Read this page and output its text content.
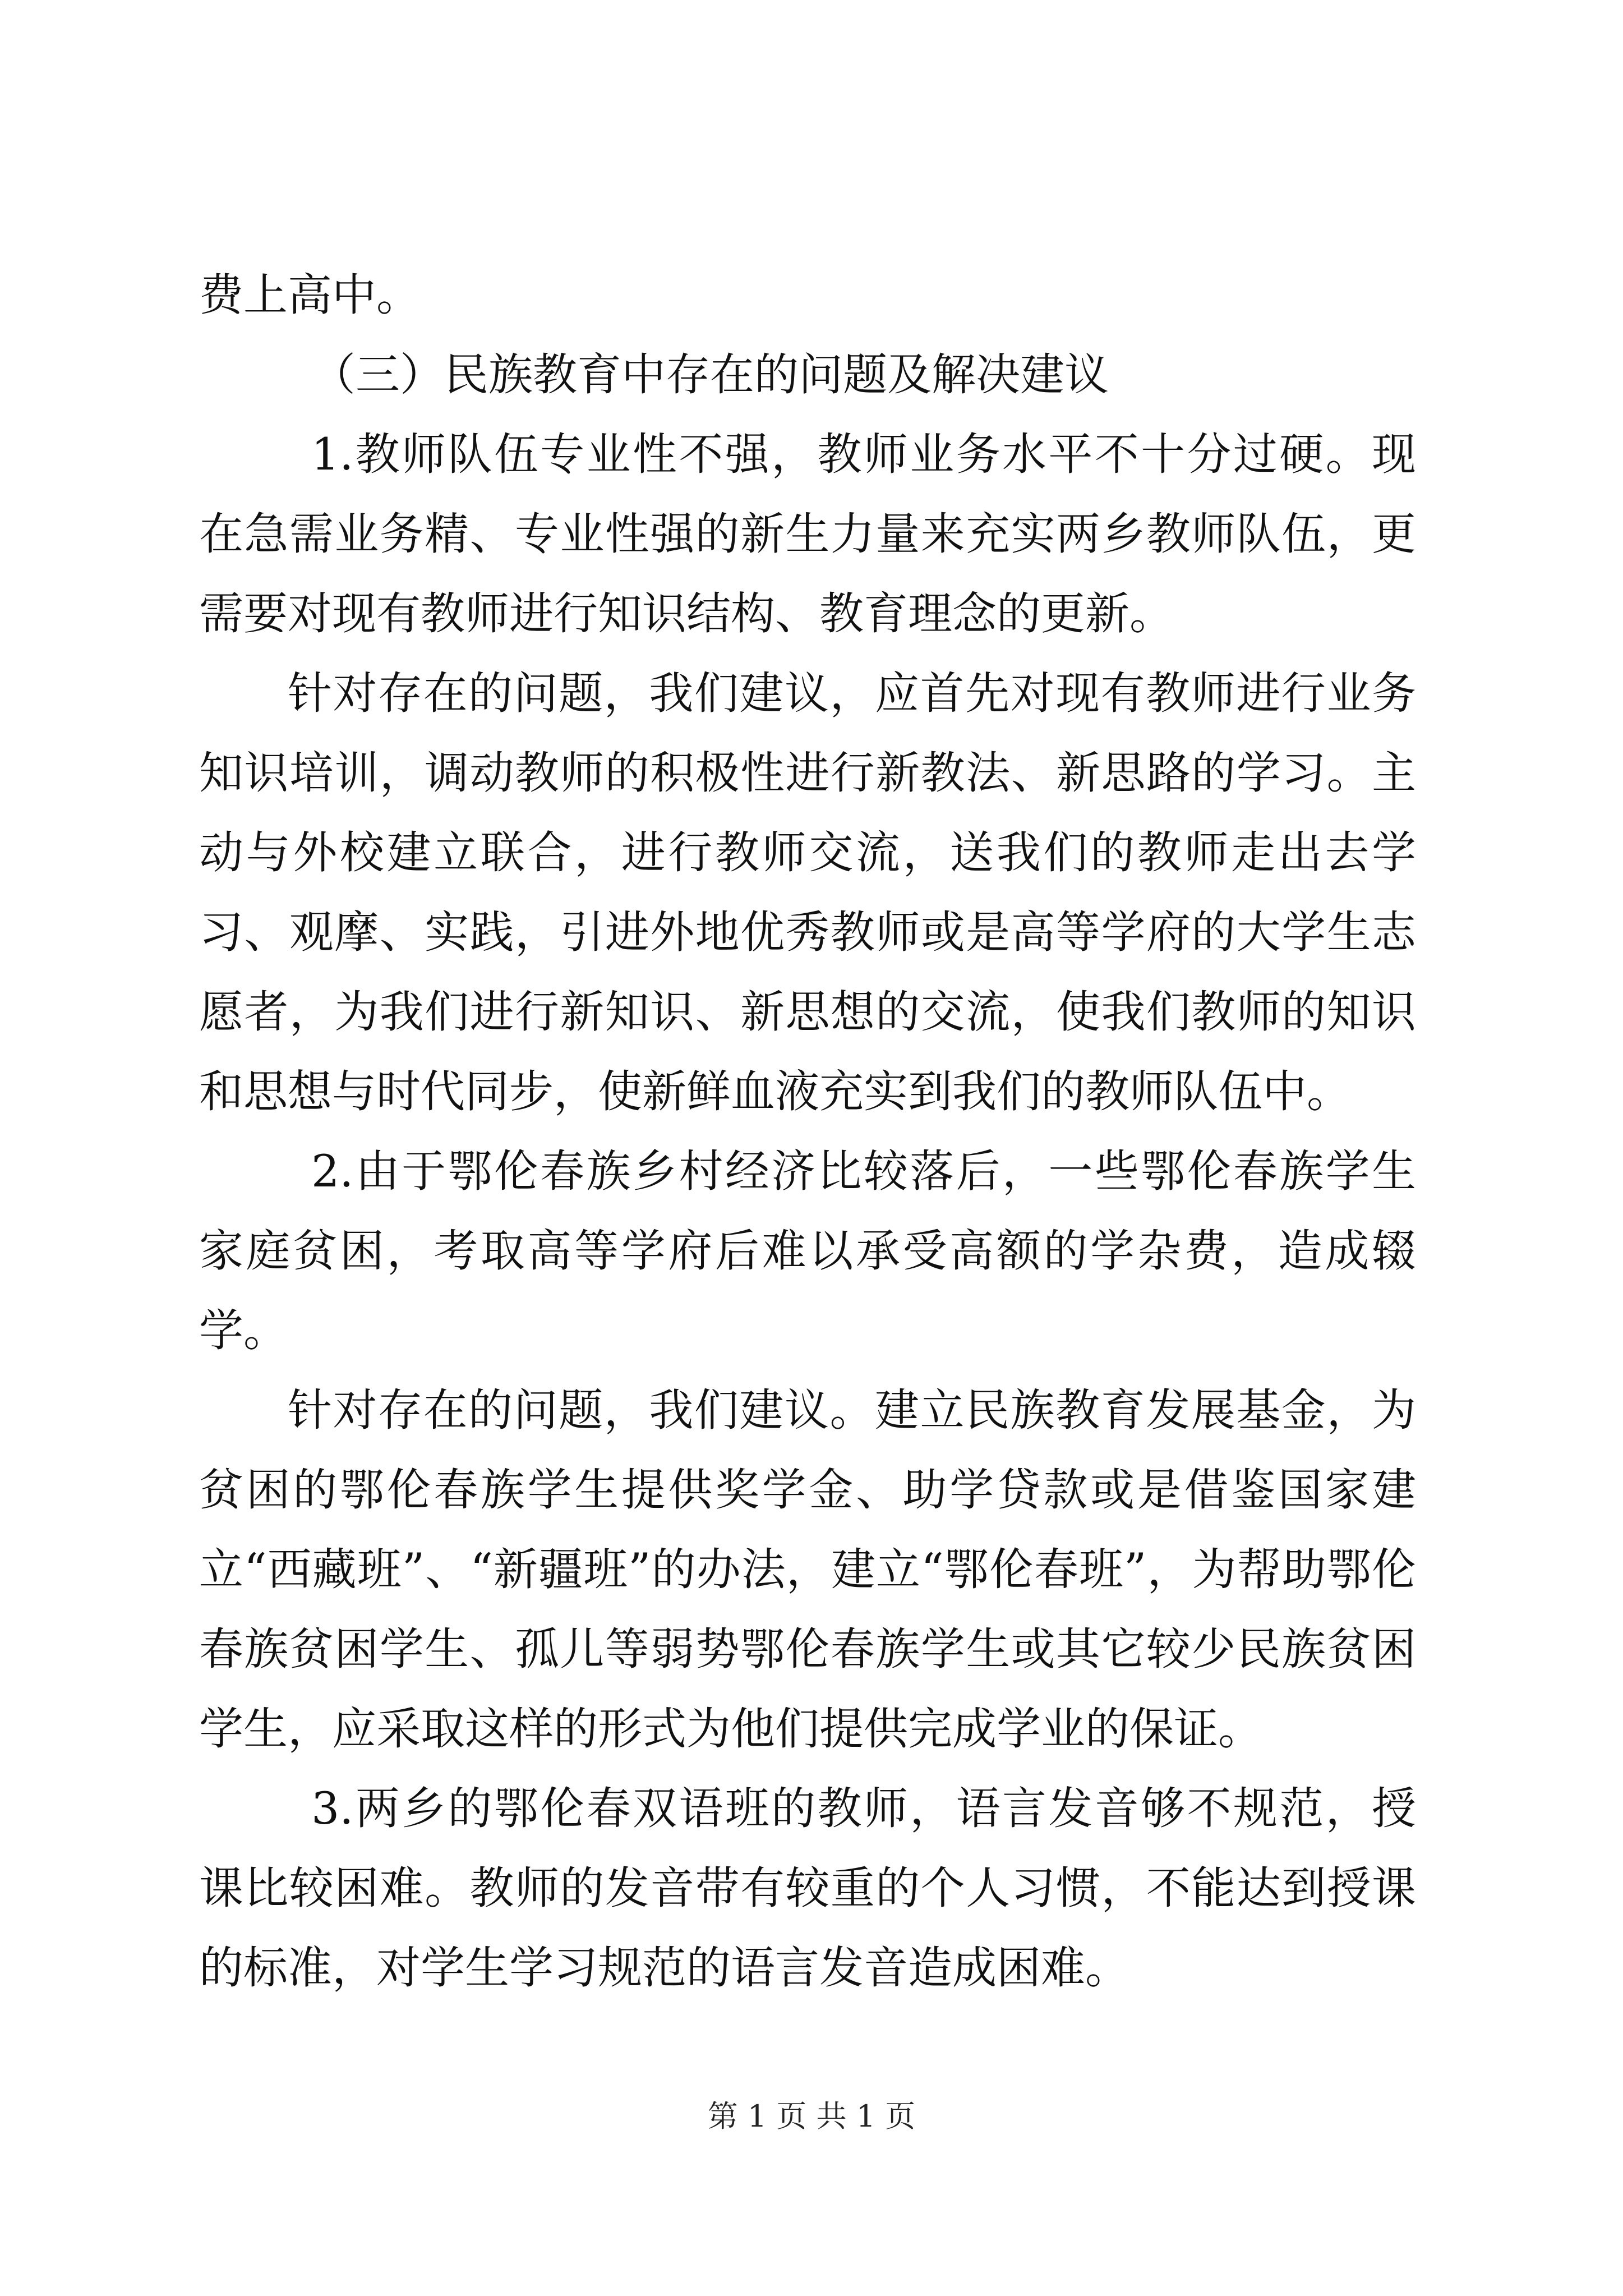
费上高中。

（三）民族教育中存在的问题及解决建议

1.教师队伍专业性不强，教师业务水平不十分过硬。现在急需业务精、专业性强的新生力量来充实两乡教师队伍，更需要对现有教师进行知识结构、教育理念的更新。

针对存在的问题，我们建议，应首先对现有教师进行业务知识培训，调动教师的积极性进行新教法、新思路的学习。主动与外校建立联合，进行教师交流，送我们的教师走出去学习、观摩、实践，引进外地优秀教师或是高等学府的大学生志愿者，为我们进行新知识、新思想的交流，使我们教师的知识和思想与时代同步，使新鲜血液充实到我们的教师队伍中。

2.由于鄂伦春族乡村经济比较落后，一些鄂伦春族学生家庭贫困，考取高等学府后难以承受高额的学杂费，造成辍学。

针对存在的问题，我们建议。建立民族教育发展基金，为贫困的鄂伦春族学生提供奖学金、助学贷款或是借鉴国家建立“西藏班”、“新疆班”的办法，建立“鄂伦春班”，为帮助鄂伦春族贫困学生、孤儿等弱势鄂伦春族学生或其它较少民族贫困学生，应采取这样的形式为他们提供完成学业的保证。

3.两乡的鄂伦春双语班的教师，语言发音够不规范，授课比较困难。教师的发音带有较重的个人习惯，不能达到授课的标准，对学生学习规范的语言发音造成困难。

第 1 页 共 1 页
